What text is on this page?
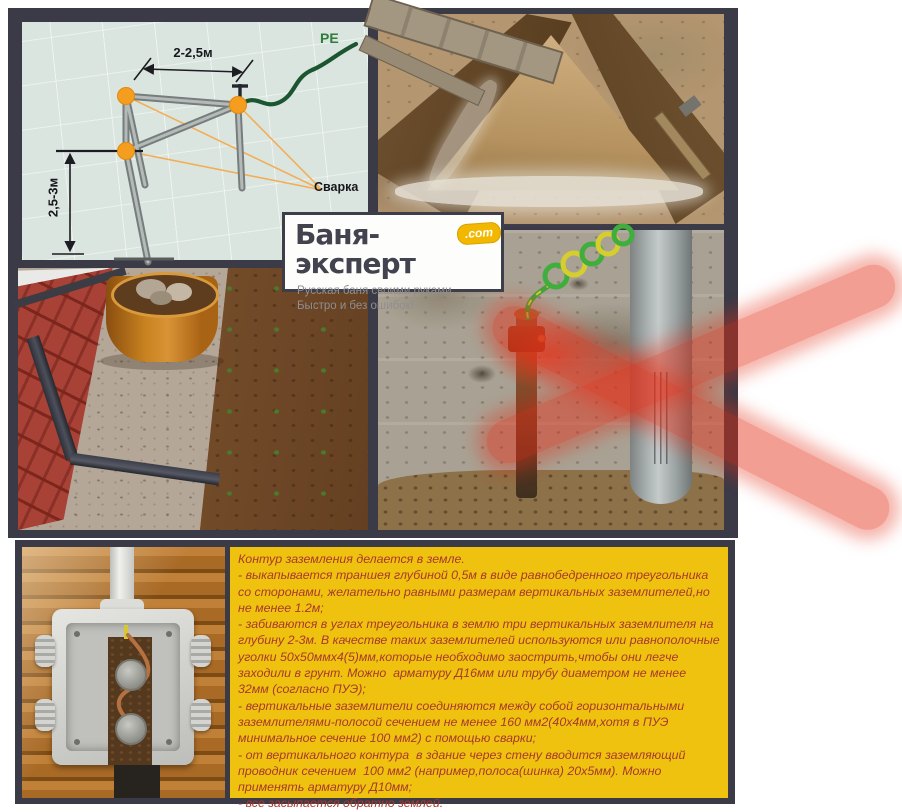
PE
Сварка
2-2,5м
2,5-3м
Баня-эксперт
.com
Русская баня своими руками
Быстро и без ошибок!

Контур заземления делается в земле.

- выкапывается траншея глубиной 0,5м в виде равнобедренного треугольника со сторонами, желательно равными размерам вертикальных заземлителей,но не менее 1.2м;

- забиваются в углах треугольника в землю три вертикальных заземлителя на глубину 2-3м. В качестве таких заземлителей используются или равнополочные уголки 50х50ммх4(5)мм,которые необходимо заострить,чтобы они легче заходили в грунт. Можно  арматуру Д16мм или трубу диаметром не менее 32мм (согласно ПУЭ);

- вертикальные заземлители соединяются между собой горизонтальными заземлителями-полосой сечением не менее 160 мм2(40х4мм,хотя в ПУЭ минимальное сечение 100 мм2) с помощью сварки;

- от вертикального контура  в здание через стену вводится заземляющий проводник сечением  100 мм2 (например,полоса(шинка) 20х5мм). Можно применять арматуру Д10мм;

- все засыпается обратно землей.
